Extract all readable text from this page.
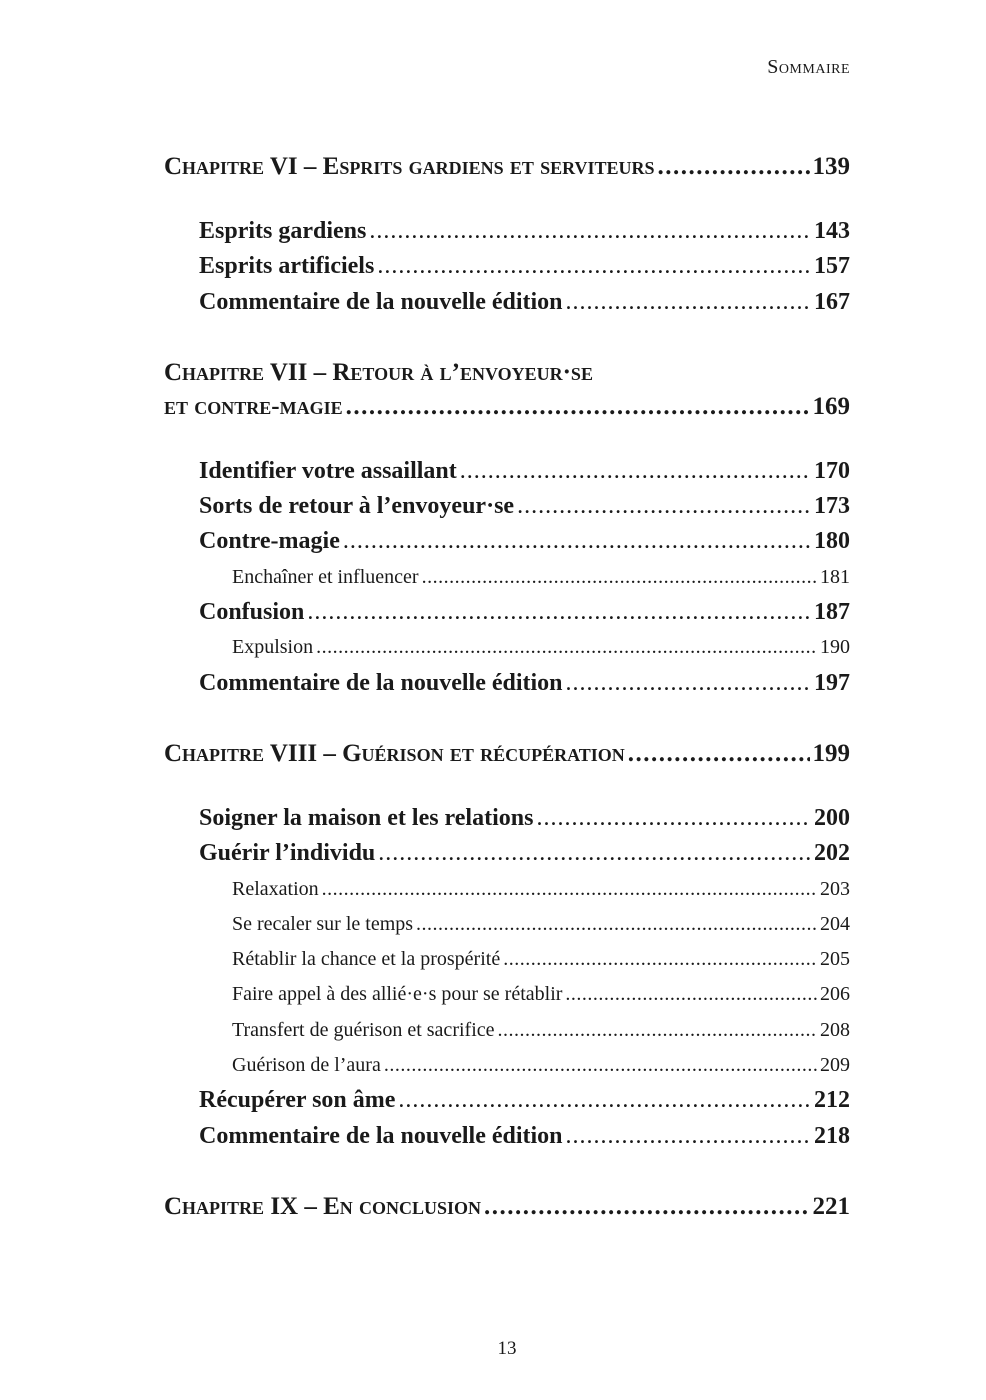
Sommaire
Chapitre VI – Esprits gardiens et serviteurs .....	139
Esprits gardiens .....	143
Esprits artificiels .....	157
Commentaire de la nouvelle édition .....	167
Chapitre VII – Retour à l’envoyeur·se
et contre-magie .....	169
Identifier votre assaillant .....	170
Sorts de retour à l’envoyeur·se .....	173
Contre-magie .....	180
Enchaîner et influencer .....	181
Confusion .....	187
Expulsion .....	190
Commentaire de la nouvelle édition .....	197
Chapitre VIII – Guérison et récupération .....	199
Soigner la maison et les relations .....	200
Guérir l’individu .....	202
Relaxation .....	203
Se recaler sur le temps .....	204
Rétablir la chance et la prospérité .....	205
Faire appel à des allié·e·s pour se rétablir .....	206
Transfert de guérison et sacrifice .....	208
Guérison de l’aura .....	209
Récupérer son âme .....	212
Commentaire de la nouvelle édition .....	218
Chapitre IX – En conclusion .....	221
13
